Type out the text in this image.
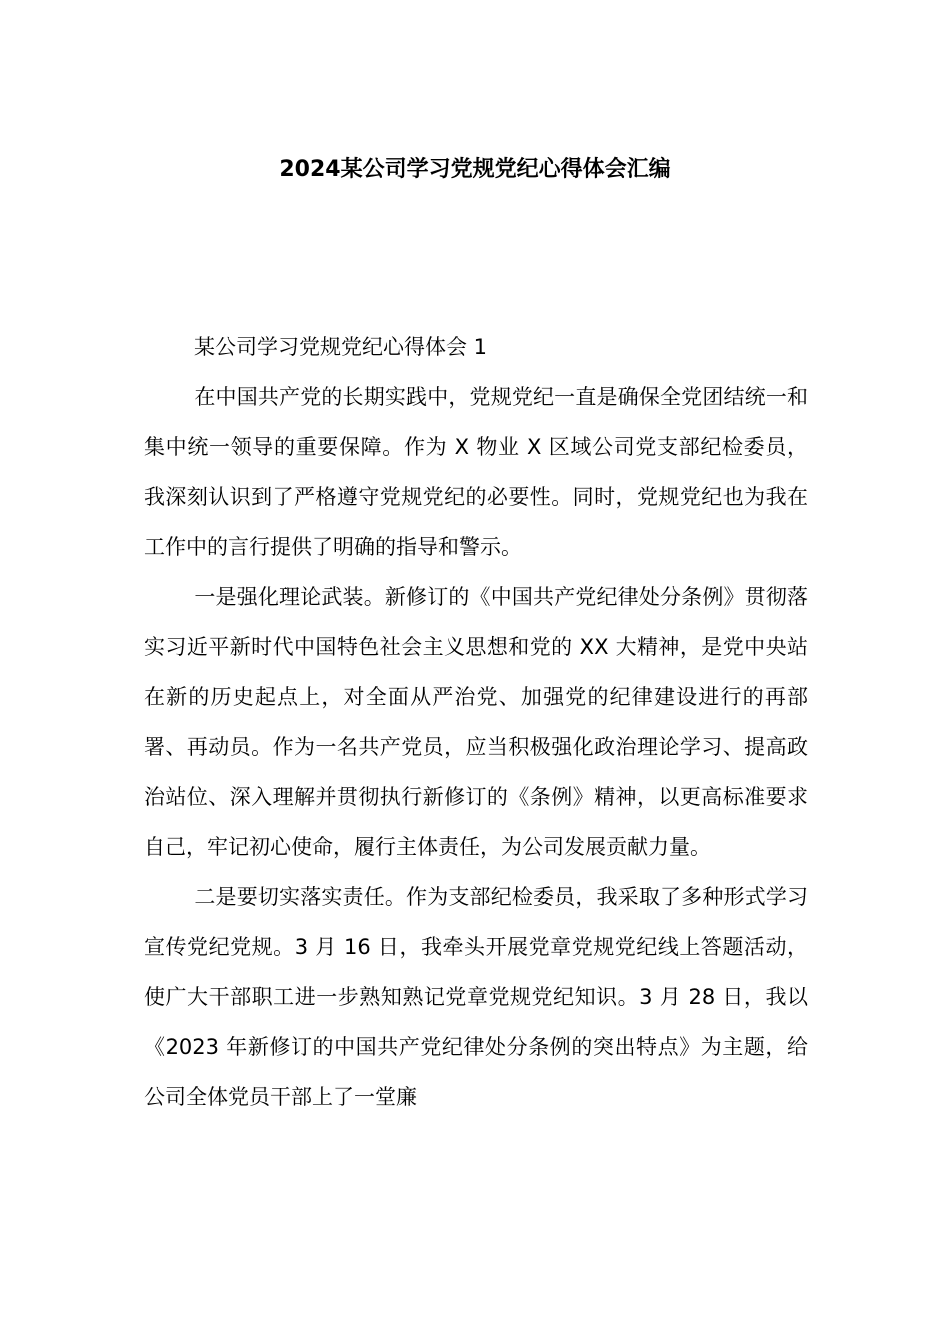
2024某公司学习党规党纪心得体会汇编

某公司学习党规党纪心得体会 1

在中国共产党的长期实践中，党规党纪一直是确保全党团结统一和集中统一领导的重要保障。作为 X 物业 X 区域公司党支部纪检委员，我深刻认识到了严格遵守党规党纪的必要性。同时，党规党纪也为我在工作中的言行提供了明确的指导和警示。

一是强化理论武装。新修订的《中国共产党纪律处分条例》贯彻落实习近平新时代中国特色社会主义思想和党的 XX 大精神，是党中央站在新的历史起点上，对全面从严治党、加强党的纪律建设进行的再部署、再动员。作为一名共产党员，应当积极强化政治理论学习、提高政治站位、深入理解并贯彻执行新修订的《条例》精神，以更高标准要求自己，牢记初心使命，履行主体责任，为公司发展贡献力量。

二是要切实落实责任。作为支部纪检委员，我采取了多种形式学习宣传党纪党规。3 月 16 日，我牵头开展党章党规党纪线上答题活动，使广大干部职工进一步熟知熟记党章党规党纪知识。3 月 28 日，我以《2023 年新修订的中国共产党纪律处分条例的突出特点》为主题，给公司全体党员干部上了一堂廉
